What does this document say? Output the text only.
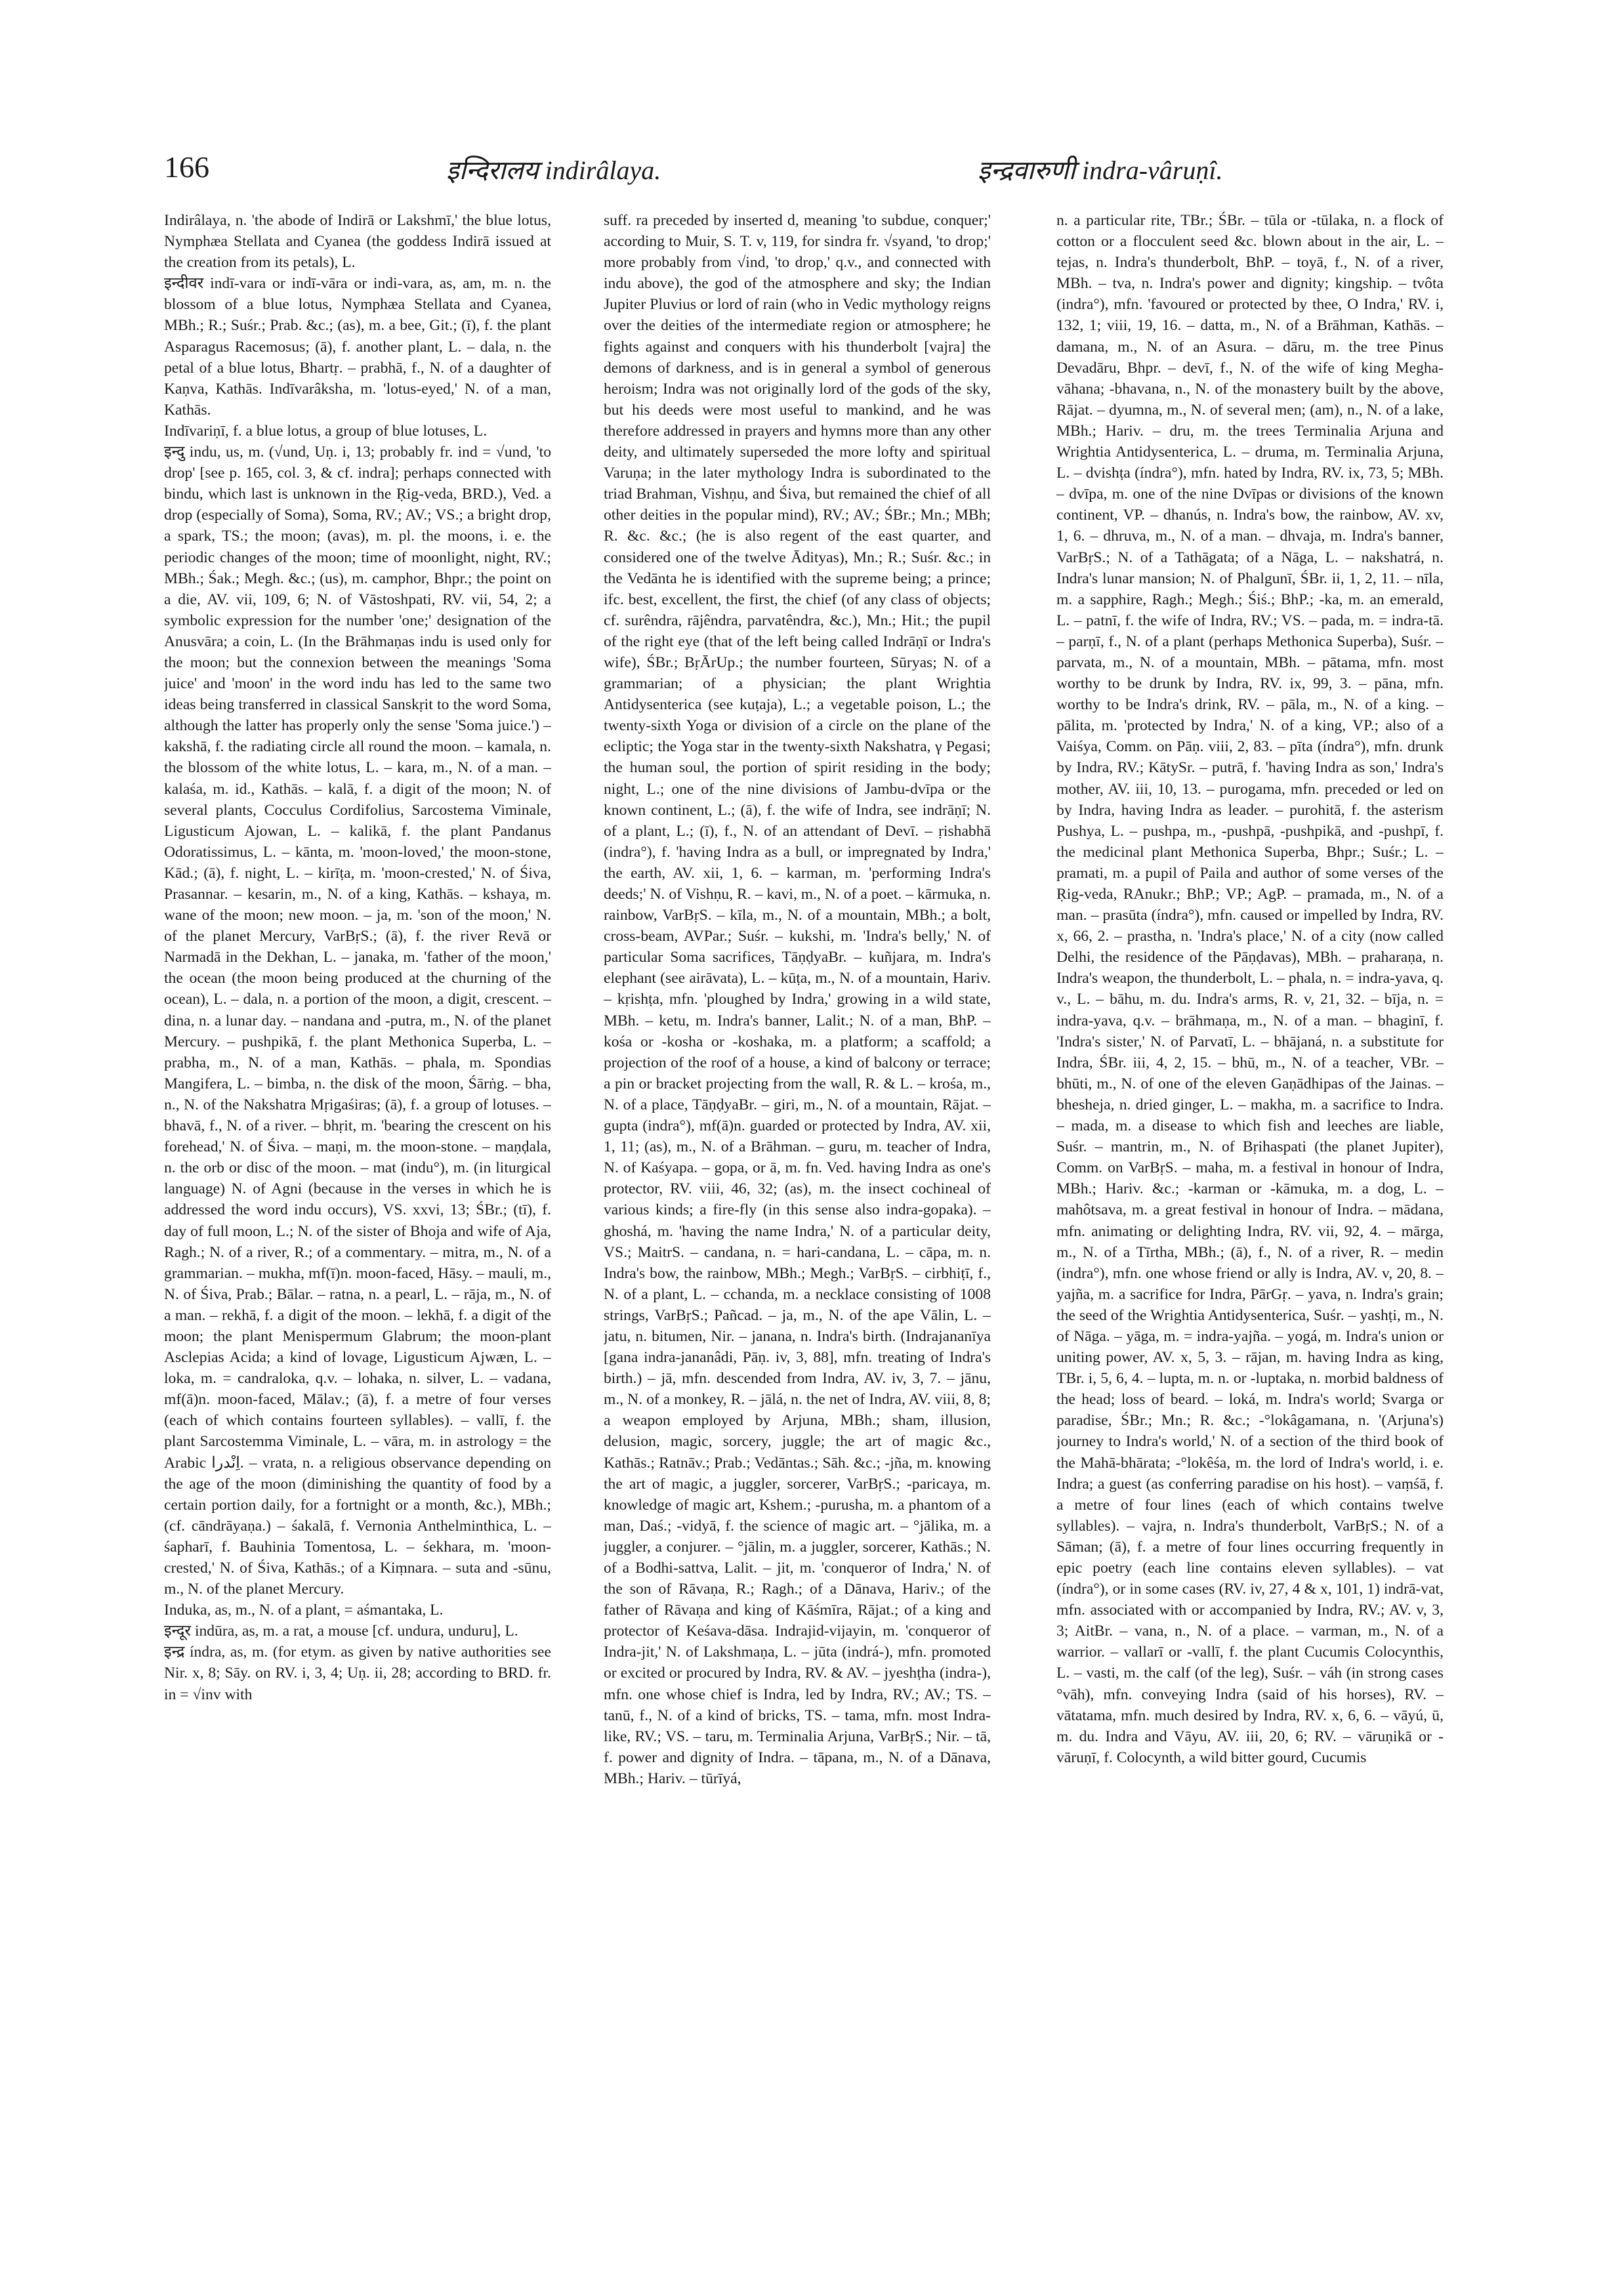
166	इन्दिरालय indirâlaya.	इन्द्रवारुणी indra-vâruṇî.

Indirâlaya, n. 'the abode of Indirā or Lakshmī,' the blue lotus, Nymphæa Stellata and Cyanea (the goddess Indirā issued at the creation from its petals), L.

इन्दीवर indī-vara or indī-vāra or indi-vara, as, am, m. n. the blossom of a blue lotus, Nymphæa Stellata and Cyanea, MBh.; R.; Suśr.; Prab. &c.; (as), m. a bee, Git.; (ī), f. the plant Asparagus Racemosus; (ā), f. another plant, L. – dala, n. the petal of a blue lotus, Bhartṛ. – prabhā, f., N. of a daughter of Kaṇva, Kathās. Indīvarâksha, m. 'lotus-eyed,' N. of a man, Kathās.

Indīvariṇī, f. a blue lotus, a group of blue lotuses, L.

इन्दु indu, us, m. (√und, Uṇ. i, 13; probably fr. ind = √und, 'to drop' [see p. 165, col. 3, & cf. indra]; perhaps connected with bindu, which last is unknown in the Ṛig-veda, BRD.), Ved. a drop (especially of Soma), Soma, RV.; AV.; VS.; a bright drop, a spark, TS.; the moon; (avas), m. pl. the moons, i. e. the periodic changes of the moon; time of moonlight, night, RV.; MBh.; Śak.; Megh. &c.; (us), m. camphor, Bhpr.; the point on a die, AV. vii, 109, 6; N. of Vāstoshpati, RV. vii, 54, 2; a symbolic expression for the number 'one;' designation of the Anusvāra; a coin, L. (In the Brāhmaṇas indu is used only for the moon; but the connexion between the meanings 'Soma juice' and 'moon' in the word indu has led to the same two ideas being transferred in classical Sanskṛit to the word Soma, although the latter has properly only the sense 'Soma juice.') – kakshā, f. the radiating circle all round the moon. – kamala, n. the blossom of the white lotus, L. – kara, m., N. of a man. – kalaśa, m. id., Kathās. – kalā, f. a digit of the moon; N. of several plants, Cocculus Cordifolius, Sarcostema Viminale, Ligusticum Ajowan, L. – kalikā, f. the plant Pandanus Odoratissimus, L. – kānta, m. 'moon-loved,' the moon-stone, Kād.; (ā), f. night, L. – kirīṭa, m. 'moon-crested,' N. of Śiva, Prasannar. – kesarin, m., N. of a king, Kathās. – kshaya, m. wane of the moon; new moon. – ja, m. 'son of the moon,' N. of the planet Mercury, VarBṛS.; (ā), f. the river Revā or Narmadā in the Dekhan, L. – janaka, m. 'father of the moon,' the ocean (the moon being produced at the churning of the ocean), L. – dala, n. a portion of the moon, a digit, crescent. – dina, n. a lunar day. – nandana and -putra, m., N. of the planet Mercury. – pushpikā, f. the plant Methonica Superba, L. – prabha, m., N. of a man, Kathās. – phala, m. Spondias Mangifera, L. – bimba, n. the disk of the moon, Śārṅg. – bha, n., N. of the Nakshatra Mṛigaśiras; (ā), f. a group of lotuses. – bhavā, f., N. of a river. – bhṛit, m. 'bearing the crescent on his forehead,' N. of Śiva. – maṇi, m. the moon-stone. – maṇḍala, n. the orb or disc of the moon. – mat (indu°), m. (in liturgical language) N. of Agni (because in the verses in which he is addressed the word indu occurs), VS. xxvi, 13; ŚBr.; (tī), f. day of full moon, L.; N. of the sister of Bhoja and wife of Aja, Ragh.; N. of a river, R.; of a commentary. – mitra, m., N. of a grammarian. – mukha, mf(ī)n. moon-faced, Hāsy. – mauli, m., N. of Śiva, Prab.; Bālar. – ratna, n. a pearl, L. – rāja, m., N. of a man. – rekhā, f. a digit of the moon. – lekhā, f. a digit of the moon; the plant Menispermum Glabrum; the moon-plant Asclepias Acida; a kind of lovage, Ligusticum Ajwæn, L. – loka, m. = candraloka, q.v. – lohaka, n. silver, L. – vadana, mf(ā)n. moon-faced, Mālav.; (ā), f. a metre of four verses (each of which contains fourteen syllables). – vallī, f. the plant Sarcostemma Viminale, L. – vāra, m. in astrology = the Arabic ‏اِنْدرا‎. – vrata, n. a religious observance depending on the age of the moon (diminishing the quantity of food by a certain portion daily, for a fortnight or a month, &c.), MBh.; (cf. cāndrāyaṇa.) – śakalā, f. Vernonia Anthelminthica, L. – śapharī, f. Bauhinia Tomentosa, L. – śekhara, m. 'moon-crested,' N. of Śiva, Kathās.; of a Kiṃnara. – suta and -sūnu, m., N. of the planet Mercury.

Induka, as, m., N. of a plant, = aśmantaka, L.

इन्दूर indūra, as, m. a rat, a mouse [cf. undura, unduru], L.

इन्द्र índra, as, m. (for etym. as given by native authorities see Nir. x, 8; Sāy. on RV. i, 3, 4; Uṇ. ii, 28; according to BRD. fr. in = √inv with

suff. ra preceded by inserted d, meaning 'to subdue, conquer;' according to Muir, S. T. v, 119, for sindra fr. √syand, 'to drop;' more probably from √ind, 'to drop,' q.v., and connected with indu above), the god of the atmosphere and sky; the Indian Jupiter Pluvius or lord of rain (who in Vedic mythology reigns over the deities of the intermediate region or atmosphere; he fights against and conquers with his thunderbolt [vajra] the demons of darkness, and is in general a symbol of generous heroism; Indra was not originally lord of the gods of the sky, but his deeds were most useful to mankind, and he was therefore addressed in prayers and hymns more than any other deity, and ultimately superseded the more lofty and spiritual Varuṇa; in the later mythology Indra is subordinated to the triad Brahman, Vishṇu, and Śiva, but remained the chief of all other deities in the popular mind), RV.; AV.; ŚBr.; Mn.; MBh; R. &c. &c.; (he is also regent of the east quarter, and considered one of the twelve Ādityas), Mn.; R.; Suśr. &c.; in the Vedānta he is identified with the supreme being; a prince; ifc. best, excellent, the first, the chief (of any class of objects; cf. surêndra, rājêndra, parvatêndra, &c.), Mn.; Hit.; the pupil of the right eye (that of the left being called Indrāṇī or Indra's wife), ŚBr.; BṛĀrUp.; the number fourteen, Sūryas; N. of a grammarian; of a physician; the plant Wrightia Antidysenterica (see kuṭaja), L.; a vegetable poison, L.; the twenty-sixth Yoga or division of a circle on the plane of the ecliptic; the Yoga star in the twenty-sixth Nakshatra, γ Pegasi; the human soul, the portion of spirit residing in the body; night, L.; one of the nine divisions of Jambu-dvīpa or the known continent, L.; (ā), f. the wife of Indra, see indrāṇī; N. of a plant, L.; (ī), f., N. of an attendant of Devī. – ṛishabhā (indra°), f. 'having Indra as a bull, or impregnated by Indra,' the earth, AV. xii, 1, 6. – karman, m. 'performing Indra's deeds;' N. of Vishṇu, R. – kavi, m., N. of a poet. – kārmuka, n. rainbow, VarBṛS. – kīla, m., N. of a mountain, MBh.; a bolt, cross-beam, AVPar.; Suśr. – kukshi, m. 'Indra's belly,' N. of particular Soma sacrifices, TāṇḍyaBr. – kuñjara, m. Indra's elephant (see airāvata), L. – kūṭa, m., N. of a mountain, Hariv. – kṛishṭa, mfn. 'ploughed by Indra,' growing in a wild state, MBh. – ketu, m. Indra's banner, Lalit.; N. of a man, BhP. – kośa or -kosha or -koshaka, m. a platform; a scaffold; a projection of the roof of a house, a kind of balcony or terrace; a pin or bracket projecting from the wall, R. & L. – krośa, m., N. of a place, TāṇḍyaBr. – giri, m., N. of a mountain, Rājat. – gupta (indra°), mf(ā)n. guarded or protected by Indra, AV. xii, 1, 11; (as), m., N. of a Brāhman. – guru, m. teacher of Indra, N. of Kaśyapa. – gopa, or ā, m. fn. Ved. having Indra as one's protector, RV. viii, 46, 32; (as), m. the insect cochineal of various kinds; a fire-fly (in this sense also indra-gopaka). – ghoshá, m. 'having the name Indra,' N. of a particular deity, VS.; MaitrS. – candana, n. = hari-candana, L. – cāpa, m. n. Indra's bow, the rainbow, MBh.; Megh.; VarBṛS. – cirbhiṭī, f., N. of a plant, L. – cchanda, m. a necklace consisting of 1008 strings, VarBṛS.; Pañcad. – ja, m., N. of the ape Vālin, L. – jatu, n. bitumen, Nir. – janana, n. Indra's birth. (Indrajananīya [gana indra-jananâdi, Pāṇ. iv, 3, 88], mfn. treating of Indra's birth.) – jā, mfn. descended from Indra, AV. iv, 3, 7. – jānu, m., N. of a monkey, R. – jālá, n. the net of Indra, AV. viii, 8, 8; a weapon employed by Arjuna, MBh.; sham, illusion, delusion, magic, sorcery, juggle; the art of magic &c., Kathās.; Ratnāv.; Prab.; Vedāntas.; Sāh. &c.; -jña, m. knowing the art of magic, a juggler, sorcerer, VarBṛS.; -paricaya, m. knowledge of magic art, Kshem.; -purusha, m. a phantom of a man, Daś.; -vidyā, f. the science of magic art. – °jālika, m. a juggler, a conjurer. – °jālin, m. a juggler, sorcerer, Kathās.; N. of a Bodhi-sattva, Lalit. – jit, m. 'conqueror of Indra,' N. of the son of Rāvaṇa, R.; Ragh.; of a Dānava, Hariv.; of the father of Rāvaṇa and king of Kāśmīra, Rājat.; of a king and protector of Keśava-dāsa. Indrajid-vijayin, m. 'conqueror of Indra-jit,' N. of Lakshmaṇa, L. – jūta (indrá-), mfn. promoted or excited or procured by Indra, RV. & AV. – jyeshṭha (indra-), mfn. one whose chief is Indra, led by Indra, RV.; AV.; TS. – tanū, f., N. of a kind of bricks, TS. – tama, mfn. most Indra-like, RV.; VS. – taru, m. Terminalia Arjuna, VarBṛS.; Nir. – tā, f. power and dignity of Indra. – tāpana, m., N. of a Dānava, MBh.; Hariv. – tūrīyá,

n. a particular rite, TBr.; ŚBr. – tūla or -tūlaka, n. a flock of cotton or a flocculent seed &c. blown about in the air, L. – tejas, n. Indra's thunderbolt, BhP. – toyā, f., N. of a river, MBh. – tva, n. Indra's power and dignity; kingship. – tvôta (indra°), mfn. 'favoured or protected by thee, O Indra,' RV. i, 132, 1; viii, 19, 16. – datta, m., N. of a Brāhman, Kathās. – damana, m., N. of an Asura. – dāru, m. the tree Pinus Devadāru, Bhpr. – devī, f., N. of the wife of king Megha-vāhana; -bhavana, n., N. of the monastery built by the above, Rājat. – dyumna, m., N. of several men; (am), n., N. of a lake, MBh.; Hariv. – dru, m. the trees Terminalia Arjuna and Wrightia Antidysenterica, L. – druma, m. Terminalia Arjuna, L. – dvishṭa (índra°), mfn. hated by Indra, RV. ix, 73, 5; MBh. – dvīpa, m. one of the nine Dvīpas or divisions of the known continent, VP. – dhanús, n. Indra's bow, the rainbow, AV. xv, 1, 6. – dhruva, m., N. of a man. – dhvaja, m. Indra's banner, VarBṛS.; N. of a Tathāgata; of a Nāga, L. – nakshatrá, n. Indra's lunar mansion; N. of Phalgunī, ŚBr. ii, 1, 2, 11. – nīla, m. a sapphire, Ragh.; Megh.; Śiś.; BhP.; -ka, m. an emerald, L. – patnī, f. the wife of Indra, RV.; VS. – pada, m. = indra-tā. – parṇī, f., N. of a plant (perhaps Methonica Superba), Suśr. – parvata, m., N. of a mountain, MBh. – pātama, mfn. most worthy to be drunk by Indra, RV. ix, 99, 3. – pāna, mfn. worthy to be Indra's drink, RV. – pāla, m., N. of a king. – pālita, m. 'protected by Indra,' N. of a king, VP.; also of a Vaiśya, Comm. on Pāṇ. viii, 2, 83. – pīta (índra°), mfn. drunk by Indra, RV.; KātySr. – putrā, f. 'having Indra as son,' Indra's mother, AV. iii, 10, 13. – purogama, mfn. preceded or led on by Indra, having Indra as leader. – purohitā, f. the asterism Pushya, L. – pushpa, m., -pushpā, -pushpikā, and -pushpī, f. the medicinal plant Methonica Superba, Bhpr.; Suśr.; L. – pramati, m. a pupil of Paila and author of some verses of the Ṛig-veda, RAnukr.; BhP.; VP.; AgP. – pramada, m., N. of a man. – prasūta (índra°), mfn. caused or impelled by Indra, RV. x, 66, 2. – prastha, n. 'Indra's place,' N. of a city (now called Delhi, the residence of the Pāṇḍavas), MBh. – praharaṇa, n. Indra's weapon, the thunderbolt, L. – phala, n. = indra-yava, q. v., L. – bāhu, m. du. Indra's arms, R. v, 21, 32. – bīja, n. = indra-yava, q.v. – brāhmaṇa, m., N. of a man. – bhaginī, f. 'Indra's sister,' N. of Parvatī, L. – bhājaná, n. a substitute for Indra, ŚBr. iii, 4, 2, 15. – bhū, m., N. of a teacher, VBr. – bhūti, m., N. of one of the eleven Gaṇādhipas of the Jainas. – bhesheja, n. dried ginger, L. – makha, m. a sacrifice to Indra. – mada, m. a disease to which fish and leeches are liable, Suśr. – mantrin, m., N. of Bṛihaspati (the planet Jupiter), Comm. on VarBṛS. – maha, m. a festival in honour of Indra, MBh.; Hariv. &c.; -karman or -kāmuka, m. a dog, L. – mahôtsava, m. a great festival in honour of Indra. – mādana, mfn. animating or delighting Indra, RV. vii, 92, 4. – mārga, m., N. of a Tīrtha, MBh.; (ā), f., N. of a river, R. – medin (indra°), mfn. one whose friend or ally is Indra, AV. v, 20, 8. – yajña, m. a sacrifice for Indra, PārGṛ. – yava, n. Indra's grain; the seed of the Wrightia Antidysenterica, Suśr. – yashṭi, m., N. of Nāga. – yāga, m. = indra-yajña. – yogá, m. Indra's union or uniting power, AV. x, 5, 3. – rājan, m. having Indra as king, TBr. i, 5, 6, 4. – lupta, m. n. or -luptaka, n. morbid baldness of the head; loss of beard. – loká, m. Indra's world; Svarga or paradise, ŚBr.; Mn.; R. &c.; -°lokâgamana, n. '(Arjuna's) journey to Indra's world,' N. of a section of the third book of the Mahā-bhārata; -°lokêśa, m. the lord of Indra's world, i. e. Indra; a guest (as conferring paradise on his host). – vaṃśā, f. a metre of four lines (each of which contains twelve syllables). – vajra, n. Indra's thunderbolt, VarBṛS.; N. of a Sāman; (ā), f. a metre of four lines occurring frequently in epic poetry (each line contains eleven syllables). – vat (índra°), or in some cases (RV. iv, 27, 4 & x, 101, 1) indrā-vat, mfn. associated with or accompanied by Indra, RV.; AV. v, 3, 3; AitBr. – vana, n., N. of a place. – varman, m., N. of a warrior. – vallarī or -vallī, f. the plant Cucumis Colocynthis, L. – vasti, m. the calf (of the leg), Suśr. – váh (in strong cases °vāh), mfn. conveying Indra (said of his horses), RV. – vātatama, mfn. much desired by Indra, RV. x, 6, 6. – vāyú, ū, m. du. Indra and Vāyu, AV. iii, 20, 6; RV. – vāruṇikā or -vāruṇī, f. Colocynth, a wild bitter gourd, Cucumis
